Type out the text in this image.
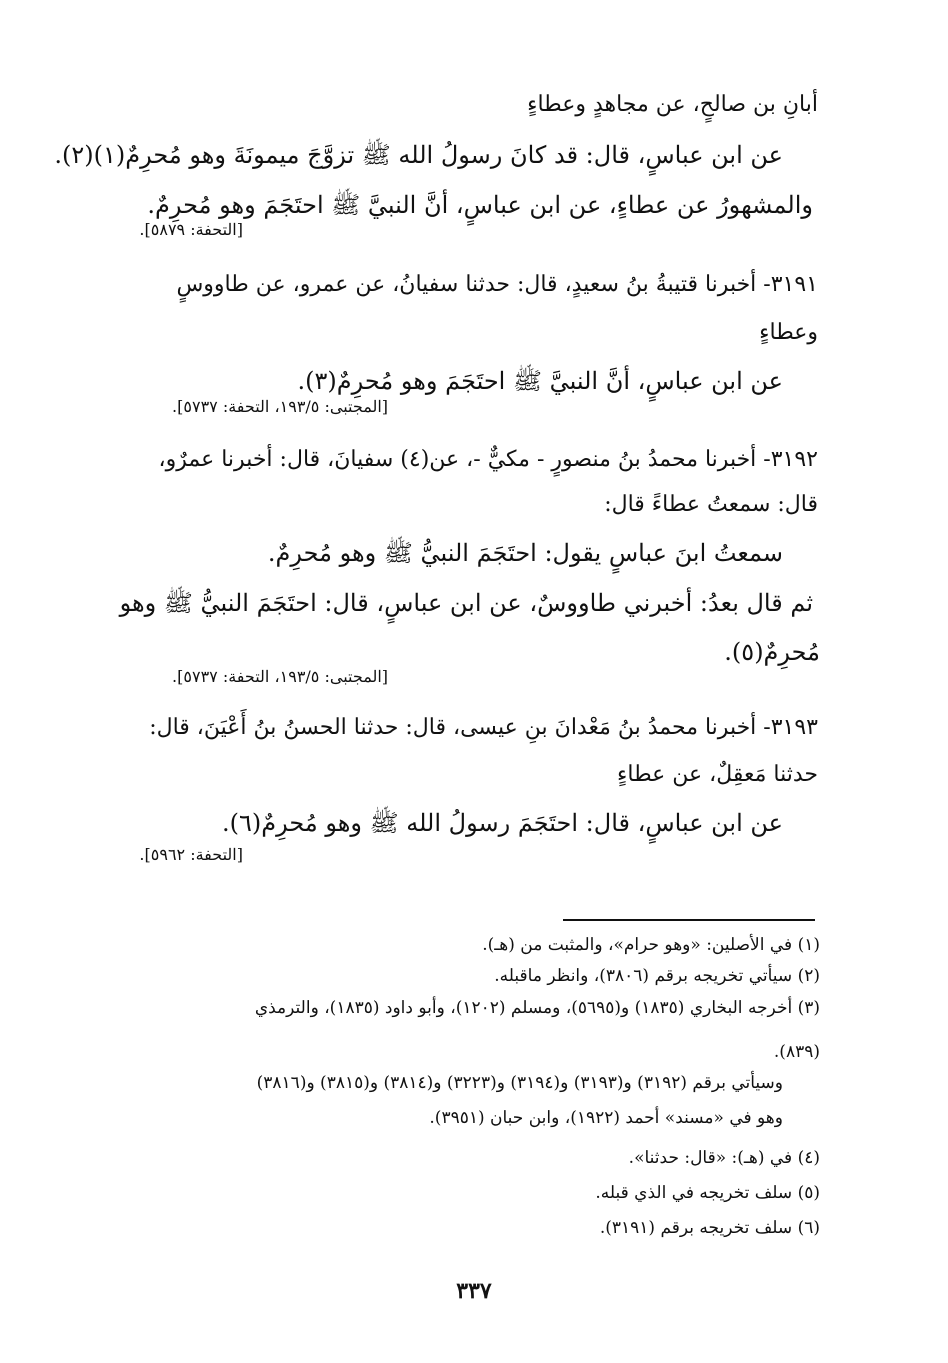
أبانِ بن صالحٍ، عن مجاهدٍ وعطاءٍ
عن ابن عباسٍ، قال: قد كانَ رسولُ الله ﷺ تزوَّجَ ميمونَةَ وهو مُحرِمٌ(١)(٢).
والمشهورُ عن عطاءٍ، عن ابن عباسٍ، أنَّ النبيَّ ﷺ احتَجَمَ وهو مُحرِمٌ.
[التحفة: ٥٨٧٩].
٣١٩١- أخبرنا قتيبةُ بنُ سعيدٍ، قال: حدثنا سفيانُ، عن عمرو، عن طاووسٍ
وعطاءٍ
عن ابن عباسٍ، أنَّ النبيَّ ﷺ احتَجَمَ وهو مُحرِمٌ(٣).
[المجتبى: ١٩٣/٥، التحفة: ٥٧٣٧].
٣١٩٢- أخبرنا محمدُ بنُ منصورٍ - مكيٌّ -، عن(٤) سفيانَ، قال: أخبرنا عمرٌو،
قال: سمعتُ عطاءً قال:
سمعتُ ابنَ عباسٍ يقول: احتَجَمَ النبيُّ ﷺ وهو مُحرِمٌ.
ثم قال بعدُ: أخبرني طاووسٌ، عن ابن عباسٍ، قال: احتَجَمَ النبيُّ ﷺ وهو
مُحرِمٌ(٥).
[المجتبى: ١٩٣/٥، التحفة: ٥٧٣٧].
٣١٩٣- أخبرنا محمدُ بنُ مَعْدانَ بنِ عيسى، قال: حدثنا الحسنُ بنُ أَعْيَنَ، قال:
حدثنا مَعقِلٌ، عن عطاءٍ
عن ابن عباسٍ، قال: احتَجَمَ رسولُ الله ﷺ وهو مُحرِمٌ(٦).
[التحفة: ٥٩٦٢].
(١) في الأصلين: «وهو حرام»، والمثبت من (هـ).
(٢) سيأتي تخريجه برقم (٣٨٠٦)، وانظر ماقبله.
(٣) أخرجه البخاري (١٨٣٥) و(٥٦٩٥)، ومسلم (١٢٠٢)، وأبو داود (١٨٣٥)، والترمذي
(٨٣٩).
وسيأتي برقم (٣١٩٢) و(٣١٩٣) و(٣١٩٤) و(٣٢٢٣) و(٣٨١٤) و(٣٨١٥) و(٣٨١٦)
وهو في «مسند» أحمد (١٩٢٢)، وابن حبان (٣٩٥١).
(٤) في (هـ): «قال: حدثنا».
(٥) سلف تخريجه في الذي قبله.
(٦) سلف تخريجه برقم (٣١٩١).
٣٣٧
